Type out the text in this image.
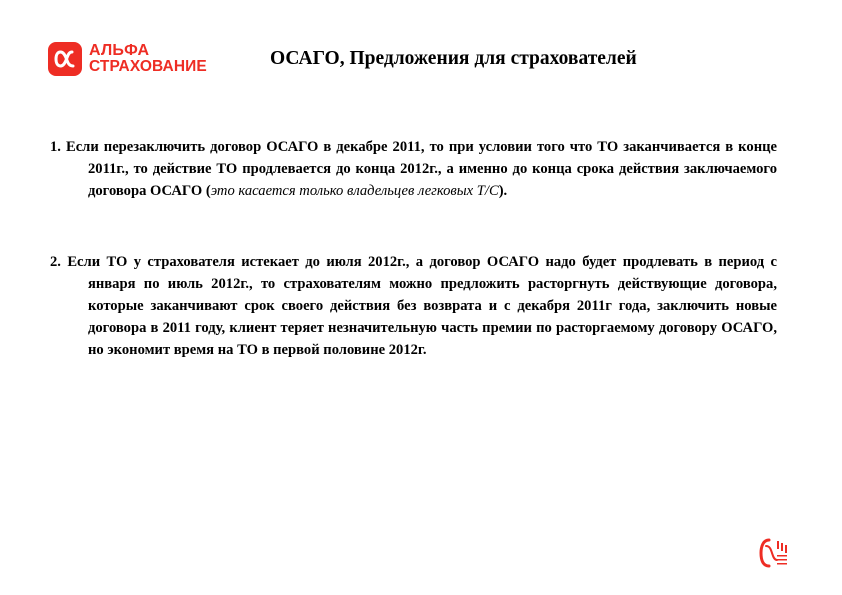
АЛЬФА
СТРАХОВАНИЕ	ОСАГО, Предложения для страхователей
1. Если перезаключить договор ОСАГО в декабре 2011, то при условии того что ТО заканчивается в конце 2011г., то действие ТО продлевается до конца 2012г., а именно до конца срока действия заключаемого договора ОСАГО (это касается только владельцев легковых Т/С).
2. Если ТО у страхователя истекает до июля 2012г., а договор ОСАГО надо будет продлевать в период с января по июль 2012г., то страхователям можно предложить расторгнуть действующие договора, которые заканчивают срок своего действия без возврата и с декабря 2011г года, заключить новые договора в 2011 году, клиент теряет незначительную часть премии по расторгаемому договору ОСАГО, но экономит время на ТО в первой половине 2012г.
